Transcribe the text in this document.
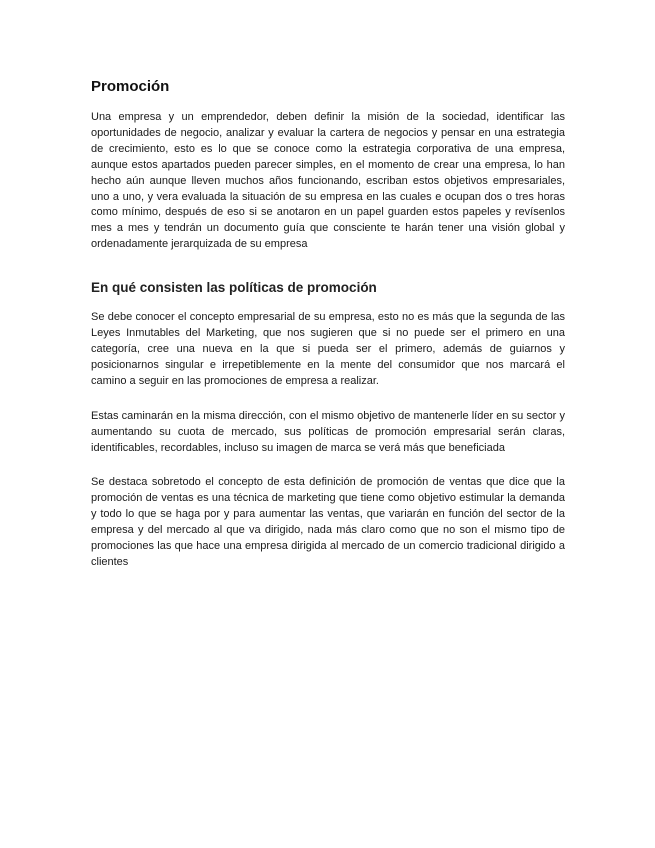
Promoción

Una empresa y un emprendedor, deben definir la misión de la sociedad, identificar las oportunidades de negocio, analizar y evaluar la cartera de negocios y pensar en una estrategia de crecimiento, esto es lo que se conoce como la estrategia corporativa de una empresa, aunque estos apartados pueden parecer simples, en el momento de crear una empresa, lo han hecho aún aunque lleven muchos años funcionando, escriban estos objetivos empresariales, uno a uno, y vera evaluada la situación de su empresa en las cuales e ocupan dos o tres horas como mínimo, después de eso si se anotaron en un papel guarden estos papeles y revísenlos mes a mes y tendrán un documento guía que consciente te harán tener una visión global y ordenadamente jerarquizada de su empresa

En qué consisten las políticas de promoción

Se debe conocer el concepto empresarial de su empresa, esto no es más que la segunda de las Leyes Inmutables del Marketing, que nos sugieren que si no puede ser el primero en una categoría, cree una nueva en la que si pueda ser el primero, además de guiarnos y posicionarnos singular e irrepetiblemente en la mente del consumidor que nos marcará el camino a seguir en las promociones de empresa a realizar.

Estas caminarán en la misma dirección, con el mismo objetivo de mantenerle líder en su sector y aumentando su cuota de mercado, sus políticas de promoción empresarial serán claras, identificables, recordables, incluso su imagen de marca se verá más que beneficiada

Se destaca sobretodo el concepto de esta definición de promoción de ventas que dice que la promoción de ventas es una técnica de marketing que tiene como objetivo estimular la demanda y todo lo que se haga por y para aumentar las ventas, que variarán en función del sector de la empresa y del mercado al que va dirigido, nada más claro como que no son el mismo tipo de promociones las que hace una empresa dirigida al mercado de un comercio tradicional dirigido a clientes
